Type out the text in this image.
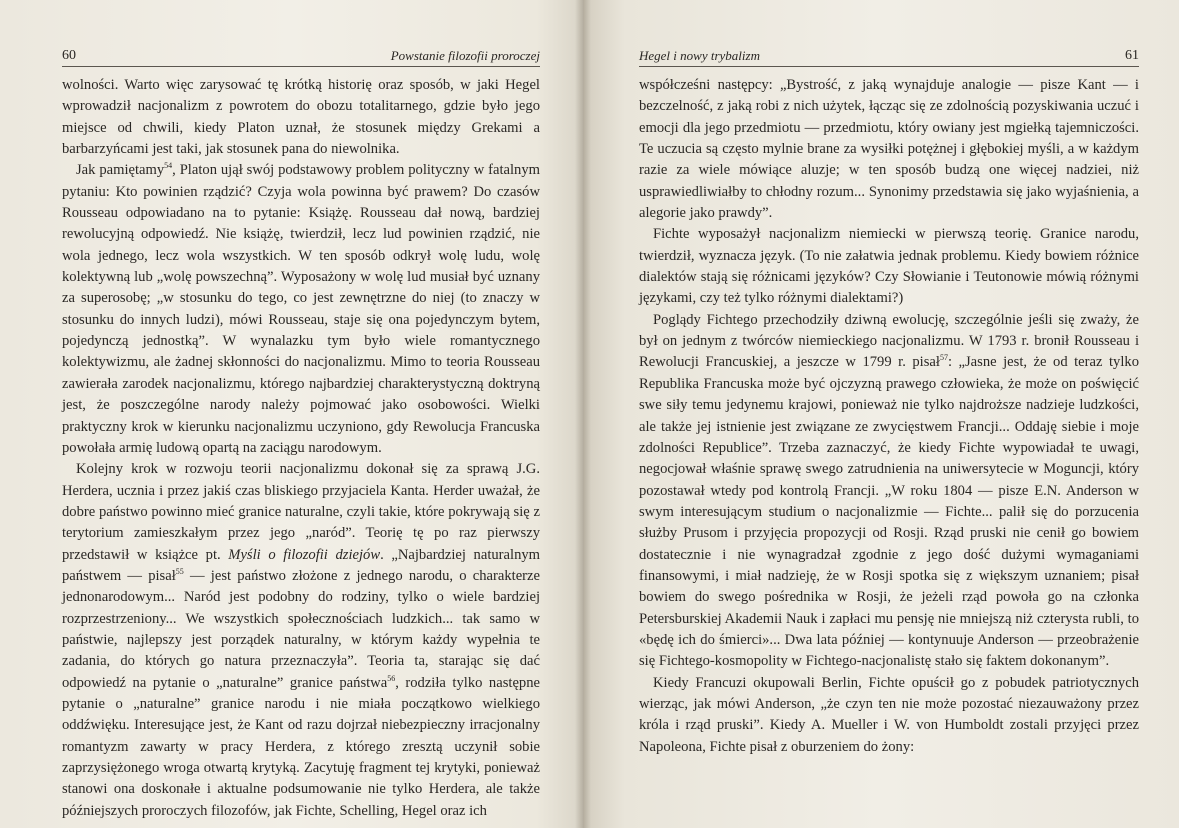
60	Powstanie filozofii proroczej

wolności. Warto więc zarysować tę krótką historię oraz sposób, w jaki Hegel wprowadził nacjonalizm z powrotem do obozu totalitarnego, gdzie było jego miejsce od chwili, kiedy Platon uznał, że stosunek między Grekami a barbarzyńcami jest taki, jak stosunek pana do niewolnika.

Jak pamiętamy$^{54}$, Platon ujął swój podstawowy problem polityczny w fatalnym pytaniu: Kto powinien rządzić? Czyja wola powinna być prawem? Do czasów Rousseau odpowiadano na to pytanie: Książę. Rousseau dał nową, bardziej rewolucyjną odpowiedź. Nie książę, twierdził, lecz lud powinien rządzić, nie wola jednego, lecz wola wszystkich. W ten sposób odkrył wolę ludu, wolę kolektywną lub „wolę powszechną”. Wyposażony w wolę lud musiał być uznany za superosobę; „w stosunku do tego, co jest zewnętrzne do niej (to znaczy w stosunku do innych ludzi), mówi Rousseau, staje się ona pojedynczym bytem, pojedynczą jednostką”. W wynalazku tym było wiele romantycznego kolektywizmu, ale żadnej skłonności do nacjonalizmu. Mimo to teoria Rousseau zawierała zarodek nacjonalizmu, którego najbardziej charakterystyczną doktryną jest, że poszczególne narody należy pojmować jako osobowości. Wielki praktyczny krok w kierunku nacjonalizmu uczyniono, gdy Rewolucja Francuska powołała armię ludową opartą na zaciągu narodowym.

Kolejny krok w rozwoju teorii nacjonalizmu dokonał się za sprawą J.G. Herdera, ucznia i przez jakiś czas bliskiego przyjaciela Kanta. Herder uważał, że dobre państwo powinno mieć granice naturalne, czyli takie, które pokrywają się z terytorium zamieszkałym przez jego „naród”. Teorię tę po raz pierwszy przedstawił w książce pt. Myśli o filozofii dziejów. „Najbardziej naturalnym państwem — pisał$^{55}$ — jest państwo złożone z jednego narodu, o charakterze jednonarodowym... Naród jest podobny do rodziny, tylko o wiele bardziej rozprzestrzeniony... We wszystkich społecznościach ludzkich... tak samo w państwie, najlepszy jest porządek naturalny, w którym każdy wypełnia te zadania, do których go natura przeznaczyła”. Teoria ta, starając się dać odpowiedź na pytanie o „naturalne” granice państwa$^{56}$, rodziła tylko następne pytanie o „naturalne” granice narodu i nie miała początkowo wielkiego oddźwięku. Interesujące jest, że Kant od razu dojrzał niebezpieczny irracjonalny romantyzm zawarty w pracy Herdera, z którego zresztą uczynił sobie zaprzysiężonego wroga otwartą krytyką. Zacytuję fragment tej krytyki, ponieważ stanowi ona doskonałe i aktualne podsumowanie nie tylko Herdera, ale także późniejszych proroczych filozofów, jak Fichte, Schelling, Hegel oraz ich

Hegel i nowy trybalizm	61

współcześni następcy: „Bystrość, z jaką wynajduje analogie — pisze Kant — i bezczelność, z jaką robi z nich użytek, łącząc się ze zdolnością pozyskiwania uczuć i emocji dla jego przedmiotu — przedmiotu, który owiany jest mgiełką tajemniczości. Te uczucia są często mylnie brane za wysiłki potężnej i głębokiej myśli, a w każdym razie za wiele mówiące aluzje; w ten sposób budzą one więcej nadziei, niż usprawiedliwiałby to chłodny rozum... Synonimy przedstawia się jako wyjaśnienia, a alegorie jako prawdy”.

Fichte wyposażył nacjonalizm niemiecki w pierwszą teorię. Granice narodu, twierdził, wyznacza język. (To nie załatwia jednak problemu. Kiedy bowiem różnice dialektów stają się różnicami języków? Czy Słowianie i Teutonowie mówią różnymi językami, czy też tylko różnymi dialektami?)

Poglądy Fichtego przechodziły dziwną ewolucję, szczególnie jeśli się zważy, że był on jednym z twórców niemieckiego nacjonalizmu. W 1793 r. bronił Rousseau i Rewolucji Francuskiej, a jeszcze w 1799 r. pisał$^{57}$: „Jasne jest, że od teraz tylko Republika Francuska może być ojczyzną prawego człowieka, że może on poświęcić swe siły temu jedynemu krajowi, ponieważ nie tylko najdroższe nadzieje ludzkości, ale także jej istnienie jest związane ze zwycięstwem Francji... Oddaję siebie i moje zdolności Republice”. Trzeba zaznaczyć, że kiedy Fichte wypowiadał te uwagi, negocjował właśnie sprawę swego zatrudnienia na uniwersytecie w Moguncji, który pozostawał wtedy pod kontrolą Francji. „W roku 1804 — pisze E.N. Anderson w swym interesującym studium o nacjonalizmie — Fichte... palił się do porzucenia służby Prusom i przyjęcia propozycji od Rosji. Rząd pruski nie cenił go bowiem dostatecznie i nie wynagradzał zgodnie z jego dość dużymi wymaganiami finansowymi, i miał nadzieję, że w Rosji spotka się z większym uznaniem; pisał bowiem do swego pośrednika w Rosji, że jeżeli rząd powoła go na członka Petersburskiej Akademii Nauk i zapłaci mu pensję nie mniejszą niż czterysta rubli, to «będę ich do śmierci»... Dwa lata później — kontynuuje Anderson — przeobrażenie się Fichtego-kosmopolity w Fichtego-nacjonalistę stało się faktem dokonanym”.

Kiedy Francuzi okupowali Berlin, Fichte opuścił go z pobudek patriotycznych wierząc, jak mówi Anderson, „że czyn ten nie może pozostać niezauważony przez króla i rząd pruski”. Kiedy A. Mueller i W. von Humboldt zostali przyjęci przez Napoleona, Fichte pisał z oburzeniem do żony:
